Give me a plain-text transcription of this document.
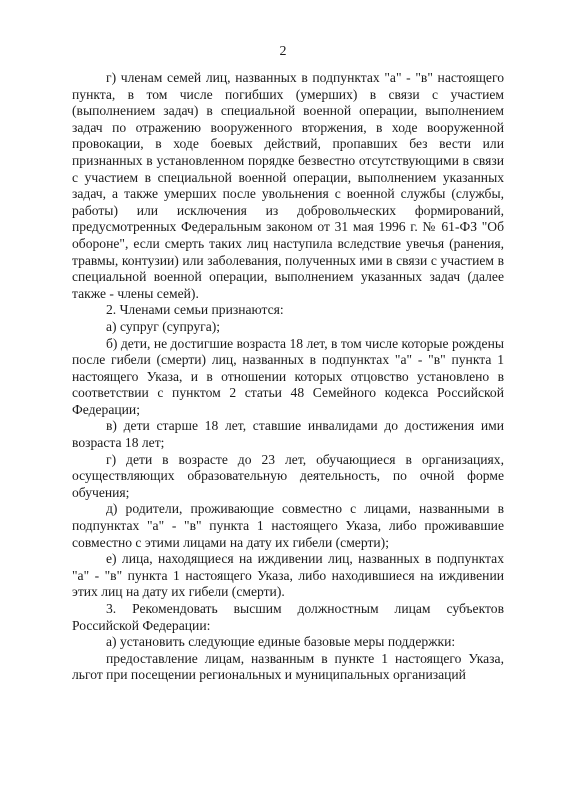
2

г) членам семей лиц, названных в подпунктах "а" - "в" настоящего пункта, в том числе погибших (умерших) в связи с участием (выполнением задач) в специальной военной операции, выполнением задач по отражению вооруженного вторжения, в ходе вооруженной провокации, в ходе боевых действий, пропавших без вести или признанных в установленном порядке безвестно отсутствующими в связи с участием в специальной военной операции, выполнением указанных задач, а также умерших после увольнения с военной службы (службы, работы) или исключения из добровольческих формирований, предусмотренных Федеральным законом от 31 мая 1996 г. № 61-ФЗ "Об обороне", если смерть таких лиц наступила вследствие увечья (ранения, травмы, контузии) или заболевания, полученных ими в связи с участием в специальной военной операции, выполнением указанных задач (далее также - члены семей).

2. Членами семьи признаются:

а) супруг (супруга);

б) дети, не достигшие возраста 18 лет, в том числе которые рождены после гибели (смерти) лиц, названных в подпунктах "а" - "в" пункта 1 настоящего Указа, и в отношении которых отцовство установлено в соответствии с пунктом 2 статьи 48 Семейного кодекса Российской Федерации;

в) дети старше 18 лет, ставшие инвалидами до достижения ими возраста 18 лет;

г) дети в возрасте до 23 лет, обучающиеся в организациях, осуществляющих образовательную деятельность, по очной форме обучения;

д) родители, проживающие совместно с лицами, названными в подпунктах "а" - "в" пункта 1 настоящего Указа, либо проживавшие совместно с этими лицами на дату их гибели (смерти);

е) лица, находящиеся на иждивении лиц, названных в подпунктах "а" - "в" пункта 1 настоящего Указа, либо находившиеся на иждивении этих лиц на дату их гибели (смерти).

3. Рекомендовать высшим должностным лицам субъектов Российской Федерации:

а) установить следующие единые базовые меры поддержки:

предоставление лицам, названным в пункте 1 настоящего Указа, льгот при посещении региональных и муниципальных организаций
